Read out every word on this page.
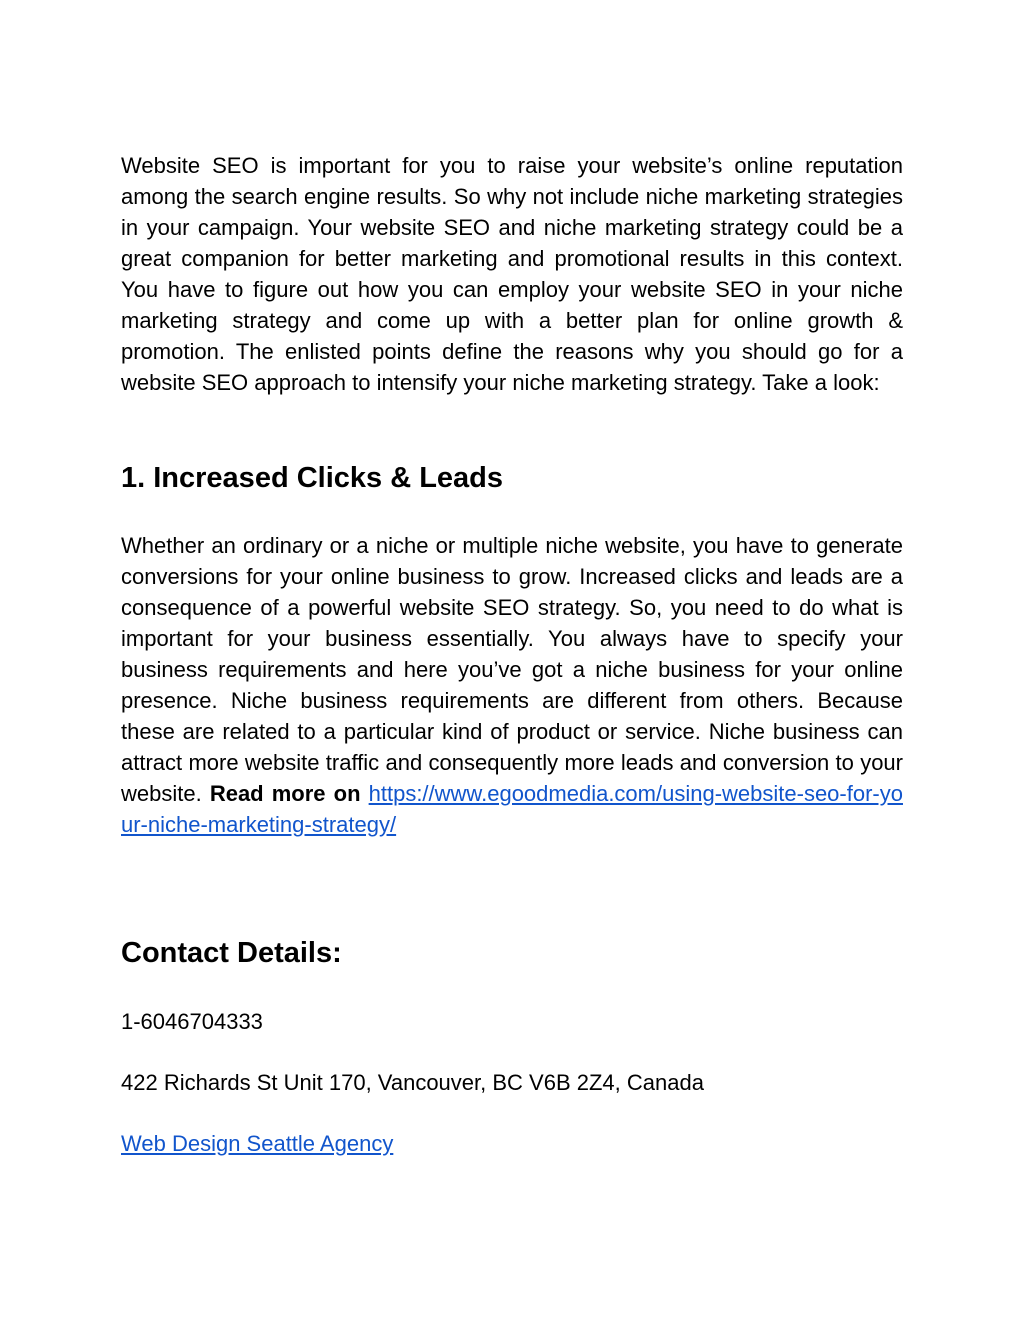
Website SEO is important for you to raise your website’s online reputation among the search engine results. So why not include niche marketing strategies in your campaign. Your website SEO and niche marketing strategy could be a great companion for better marketing and promotional results in this context. You have to figure out how you can employ your website SEO in your niche marketing strategy and come up with a better plan for online growth & promotion. The enlisted points define the reasons why you should go for a website SEO approach to intensify your niche marketing strategy. Take a look:

1. Increased Clicks & Leads

Whether an ordinary or a niche or multiple niche website, you have to generate conversions for your online business to grow. Increased clicks and leads are a consequence of a powerful website SEO strategy. So, you need to do what is important for your business essentially. You always have to specify your business requirements and here you’ve got a niche business for your online presence. Niche business requirements are different from others. Because these are related to a particular kind of product or service. Niche business can attract more website traffic and consequently more leads and conversion to your website. Read more on https://www.egoodmedia.com/using-website-seo-for-your-niche-marketing-strategy/

Contact Details:

1-6046704333

422 Richards St Unit 170, Vancouver, BC V6B 2Z4, Canada

Web Design Seattle Agency
